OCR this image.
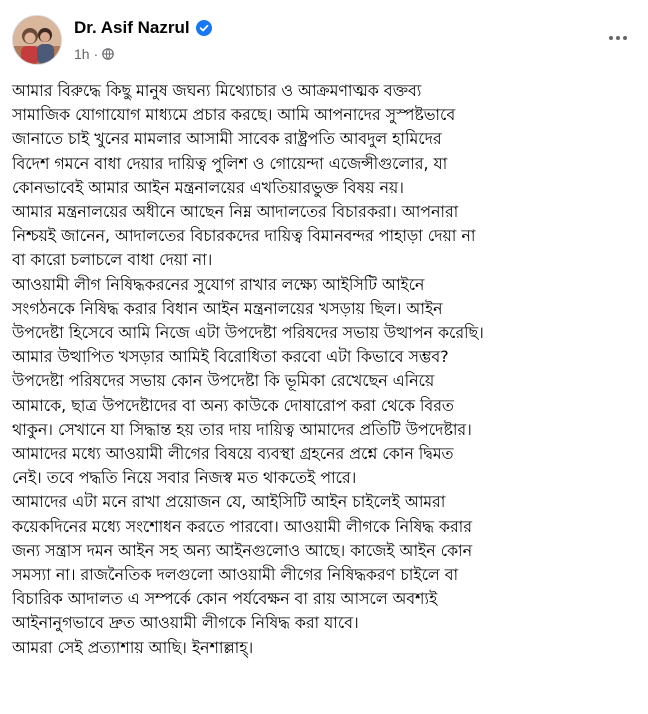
Dr. Asif Nazrul
1h ·
আমার বিরুদ্ধে কিছু মানুষ জঘন্য মিথ্যোচার ও আক্রমণাত্মক বক্তব্য
সামাজিক যোগাযোগ মাধ্যমে প্রচার করছে। আমি আপনাদের সুস্পষ্টভাবে
জানাতে চাই খুনের মামলার আসামী সাবেক রাষ্ট্রপতি আবদুল হামিদের
বিদেশ গমনে বাধা দেয়ার দায়িত্ব পুলিশ ও গোয়েন্দা এজেন্সীগুলোর, যা
কোনভাবেই আমার আইন মন্ত্রনালয়ের এখতিয়ারভুক্ত বিষয় নয়।
আমার মন্ত্রনালয়ের অধীনে আছেন নিম্ন আদালতের বিচারকরা। আপনারা
নিশ্চয়ই জানেন, আদালতের বিচারকদের দায়িত্ব বিমানবন্দর পাহাড়া দেয়া না
বা কারো চলাচলে বাধা দেয়া না।
আওয়ামী লীগ নিষিদ্ধকরনের সুযোগ রাখার লক্ষ্যে আইসিটি আইনে
সংগঠনকে নিষিদ্ধ করার বিধান আইন মন্ত্রনালয়ের খসড়ায় ছিল। আইন
উপদেষ্টা হিসেবে আমি নিজে এটা উপদেষ্টা পরিষদের সভায় উত্থাপন করেছি।
আমার উত্থাপিত খসড়ার আমিই বিরোধিতা করবো এটা কিভাবে সম্ভব?
উপদেষ্টা পরিষদের সভায় কোন উপদেষ্টা কি ভূমিকা রেখেছেন এনিয়ে
আমাকে, ছাত্র উপদেষ্টাদের বা অন্য কাউকে দোষারোপ করা থেকে বিরত
থাকুন। সেখানে যা সিদ্ধান্ত হয় তার দায় দায়িত্ব আমাদের প্রতিটি উপদেষ্টার।
আমাদের মধ্যে আওয়ামী লীগের বিষয়ে ব্যবস্থা গ্রহনের প্রশ্নে কোন দ্বিমত
নেই। তবে পদ্ধতি নিয়ে সবার নিজস্ব মত থাকতেই পারে।
আমাদের এটা মনে রাখা প্রয়োজন যে, আইসিটি আইন চাইলেই আমরা
কয়েকদিনের মধ্যে সংশোধন করতে পারবো। আওয়ামী লীগকে নিষিদ্ধ করার
জন্য সন্ত্রাস দমন আইন সহ অন্য আইনগুলোও আছে। কাজেই আইন কোন
সমস্যা না। রাজনৈতিক দলগুলো আওয়ামী লীগের নিষিদ্ধকরণ চাইলে বা
বিচারিক আদালত এ সম্পর্কে কোন পর্যবেক্ষন বা রায় আসলে অবশ্যই
আইনানুগভাবে দ্রুত আওয়ামী লীগকে নিষিদ্ধ করা যাবে।
আমরা সেই প্রত্যাশায় আছি। ইনশাল্লাহ্‌।
